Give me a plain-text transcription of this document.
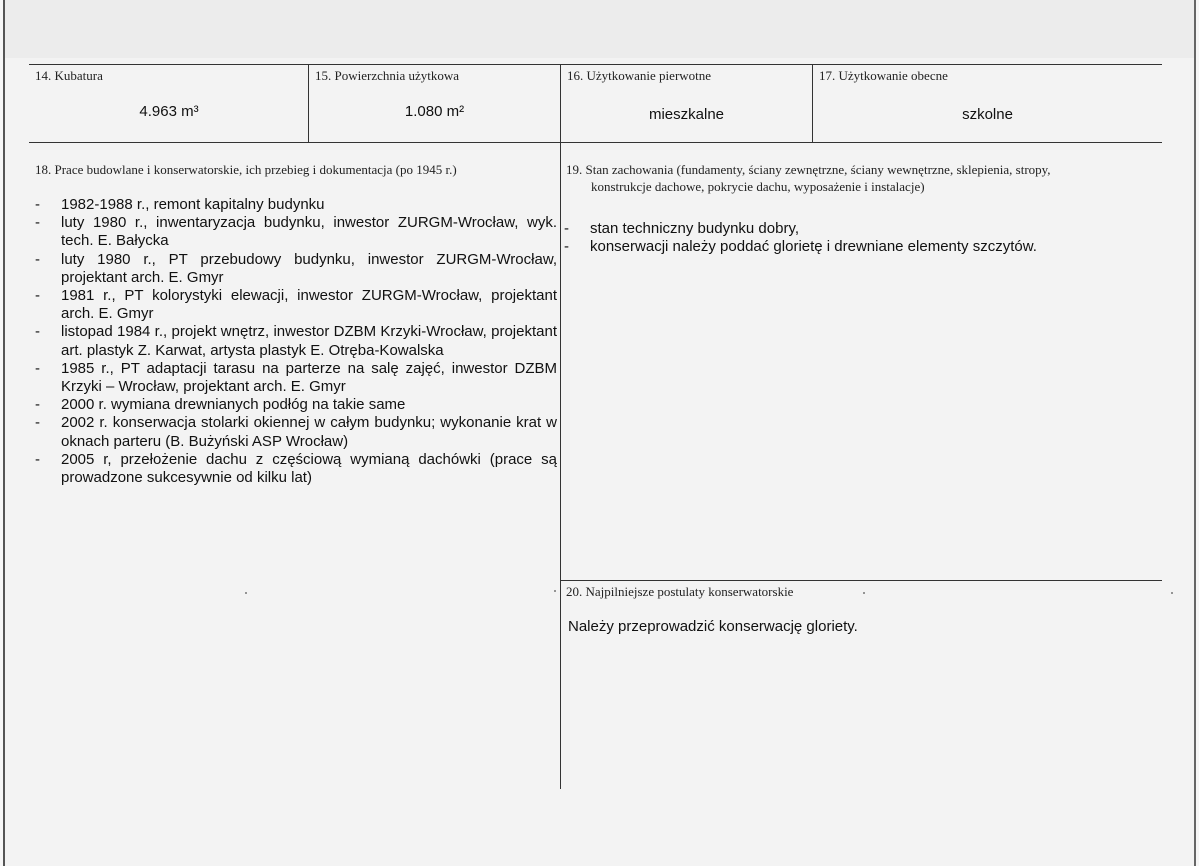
14. Kubatura
4.963 m³
15. Powierzchnia użytkowa
1.080 m²
16. Użytkowanie pierwotne
mieszkalne
17. Użytkowanie obecne
szkolne
18. Prace budowlane i konserwatorskie, ich przebieg i dokumentacja (po 1945 r.)
- 1982-1988 r., remont kapitalny budynku
- luty 1980 r., inwentaryzacja budynku, inwestor ZURGM-Wrocław, wyk. tech. E. Bałycka
- luty 1980 r., PT przebudowy budynku, inwestor ZURGM-Wrocław, projektant arch. E. Gmyr
- 1981 r., PT kolorystyki elewacji, inwestor ZURGM-Wrocław, projektant arch. E. Gmyr
- listopad 1984 r., projekt wnętrz, inwestor DZBM Krzyki-Wrocław, projektant art. plastyk Z. Karwat, artysta plastyk E. Otręba-Kowalska
- 1985 r., PT adaptacji tarasu na parterze na salę zajęć, inwestor DZBM Krzyki – Wrocław, projektant arch. E. Gmyr
- 2000 r. wymiana drewnianych podłóg na takie same
- 2002 r. konserwacja stolarki okiennej w całym budynku; wykonanie krat w oknach parteru (B. Bużyński ASP Wrocław)
- 2005 r, przełożenie dachu z częściową wymianą dachówki (prace są prowadzone sukcesywnie od kilku lat)
19. Stan zachowania (fundamenty, ściany zewnętrzne, ściany wewnętrzne, sklepienia, stropy,
konstrukcje dachowe, pokrycie dachu, wyposażenie i instalacje)
- stan techniczny budynku dobry,
- konserwacji należy poddać glorietę i drewniane elementy szczytów.
20. Najpilniejsze postulaty konserwatorskie
Należy przeprowadzić konserwację gloriety.
